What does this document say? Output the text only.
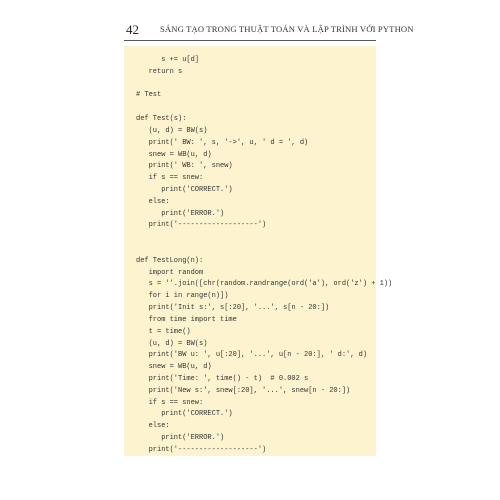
42 SÁNG TẠO TRONG THUẬT TOÁN VÀ LẬP TRÌNH VỚI PYTHON
s += u[d]
return s
# Test
def Test(s):
(u, d) = BW(s)
print(' BW: ', s, '->', u, ' d = ', d)
snew = WB(u, d)
print(' WB: ', snew)
if s == snew:
print('CORRECT.')
else:
print('ERROR.')
print('-------------------')
def TestLong(n):
import random
s = ''.join([chr(random.randrange(ord('a'), ord('z') + 1))
for i in range(n)])
print('Init s:', s[:20], '...', s[n - 20:])
from time import time
t = time()
(u, d) = BW(s)
print('BW u: ', u[:20], '...', u[n - 20:], ' d:', d)
snew = WB(u, d)
print('Time: ', time() - t)  # 0.002 s
print('New s:', snew[:20], '...', snew[n - 20:])
if s == snew:
print('CORRECT.')
else:
print('ERROR.')
print('-------------------')
